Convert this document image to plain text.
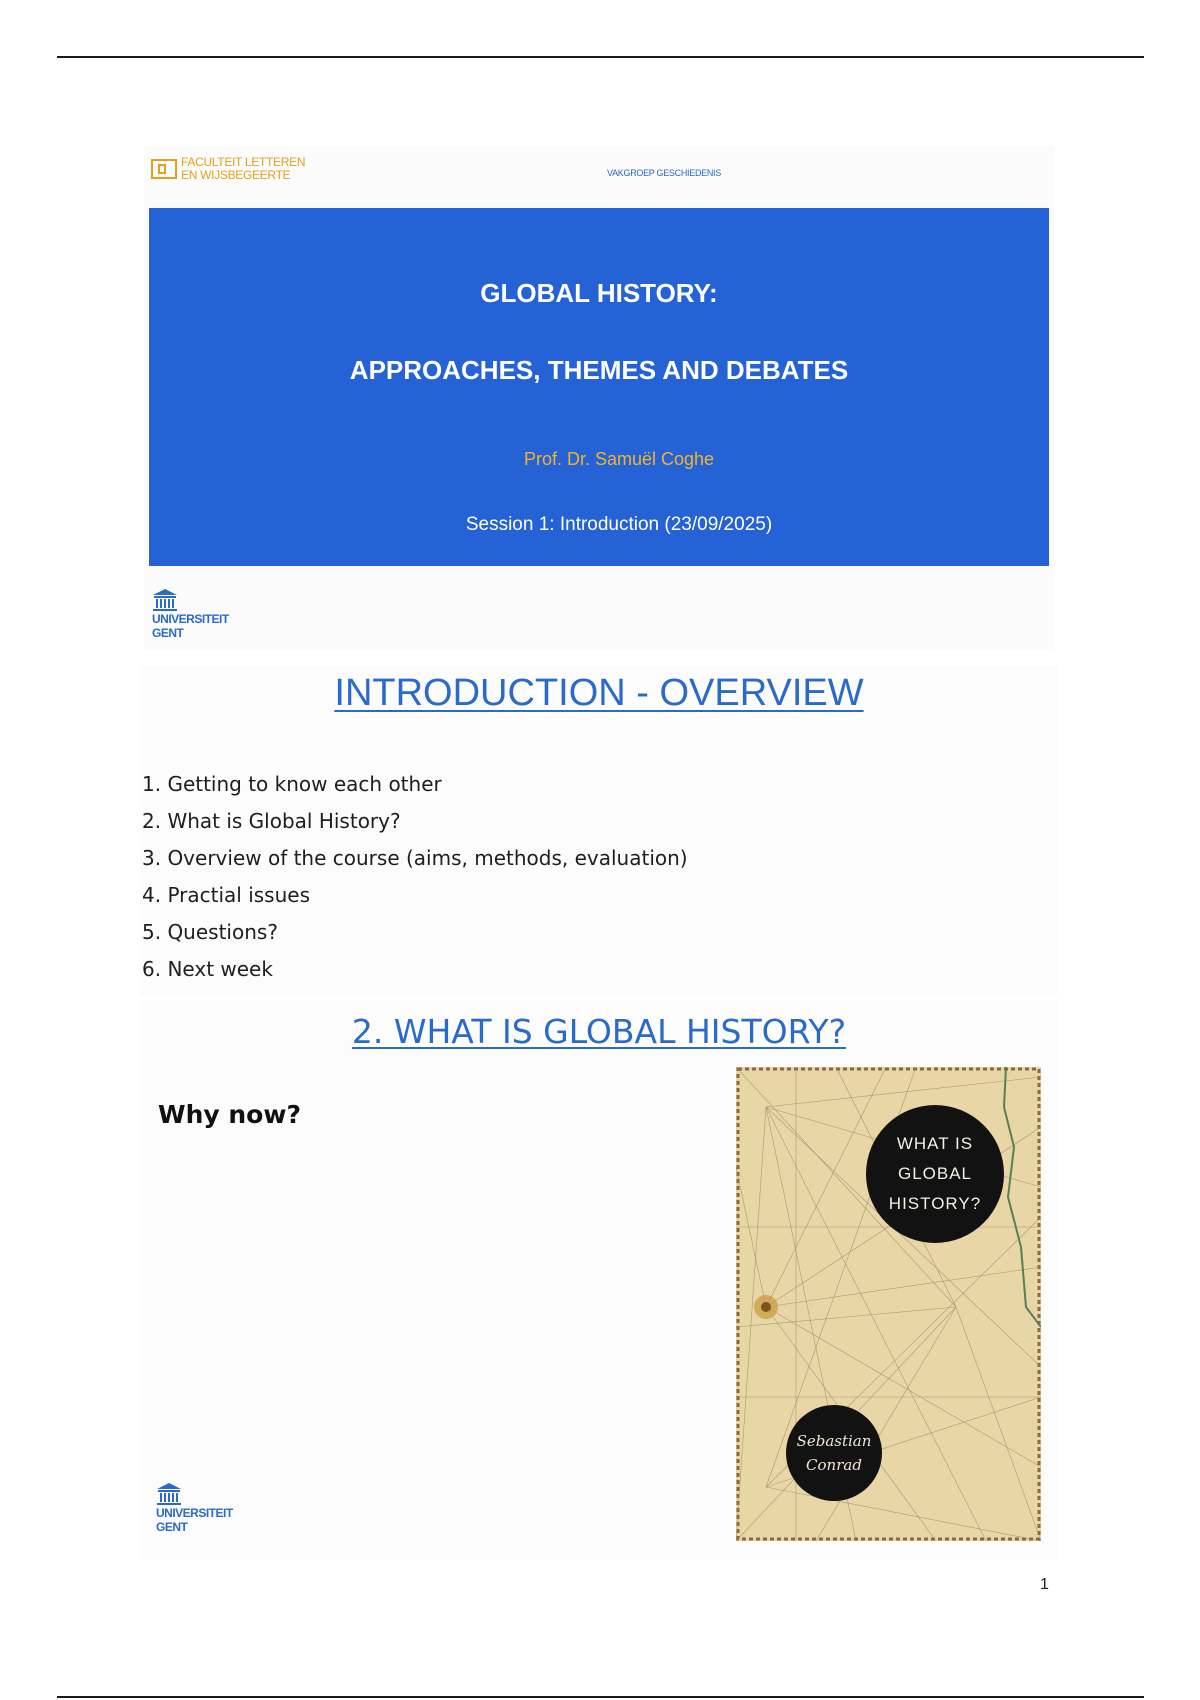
FACULTEIT LETTEREN
EN WIJSBEGEERTE	VAKGROEP GESCHIEDENIS
GLOBAL HISTORY:
APPROACHES, THEMES AND DEBATES
Prof. Dr. Samuël Coghe
Session 1: Introduction (23/09/2025)
UNIVERSITEIT
GENT
INTRODUCTION - OVERVIEW
1. Getting to know each other
2. What is Global History?
3. Overview of the course (aims, methods, evaluation)
4. Practial issues
5. Questions?
6. Next week
2. WHAT IS GLOBAL HISTORY?
Why now?
WHAT IS
GLOBAL
HISTORY?
Sebastian
Conrad
UNIVERSITEIT
GENT
1
